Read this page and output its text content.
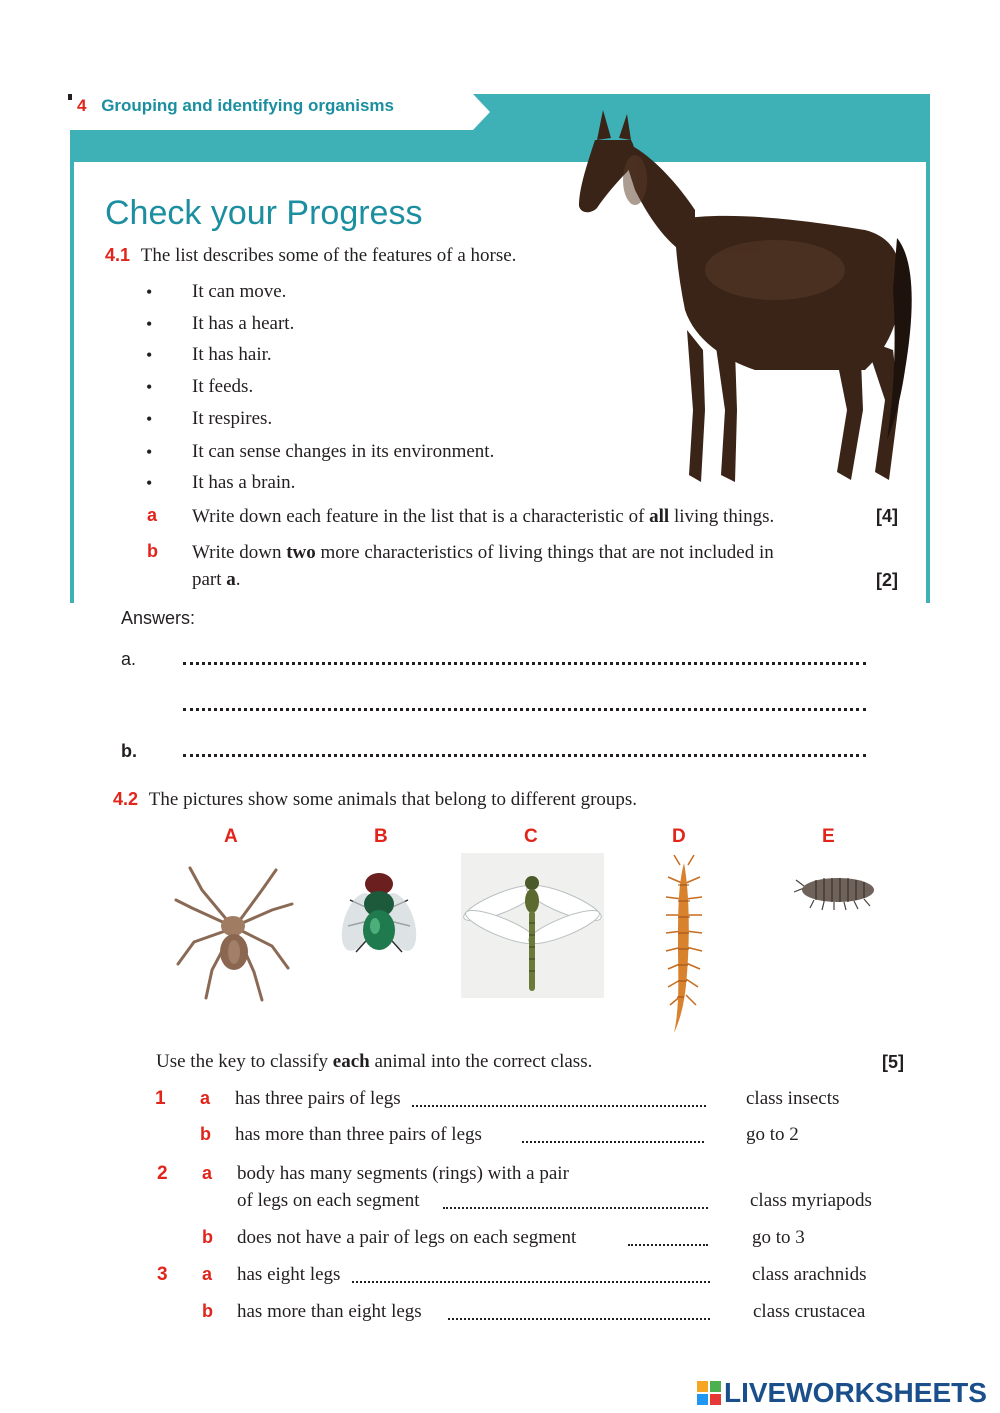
4 Grouping and identifying organisms
Check your Progress
4.1 The list describes some of the features of a horse.
• It can move.
• It has a heart.
• It has hair.
• It feeds.
• It respires.
• It can sense changes in its environment.
• It has a brain.
a Write down each feature in the list that is a characteristic of all living things.	[4]
b Write down two more characteristics of living things that are not included in
part a.	[2]
Answers:
a.
b.
4.2 The pictures show some animals that belong to different groups.
A	B	C	D	E
Use the key to classify each animal into the correct class.	[5]
1 a has three pairs of legs	class insects
b has more than three pairs of legs	go to 2
2 a body has many segments (rings) with a pair
of legs on each segment	class myriapods
b does not have a pair of legs on each segment	go to 3
3 a has eight legs	class arachnids
b has more than eight legs	class crustacea
LIVEWORKSHEETS
